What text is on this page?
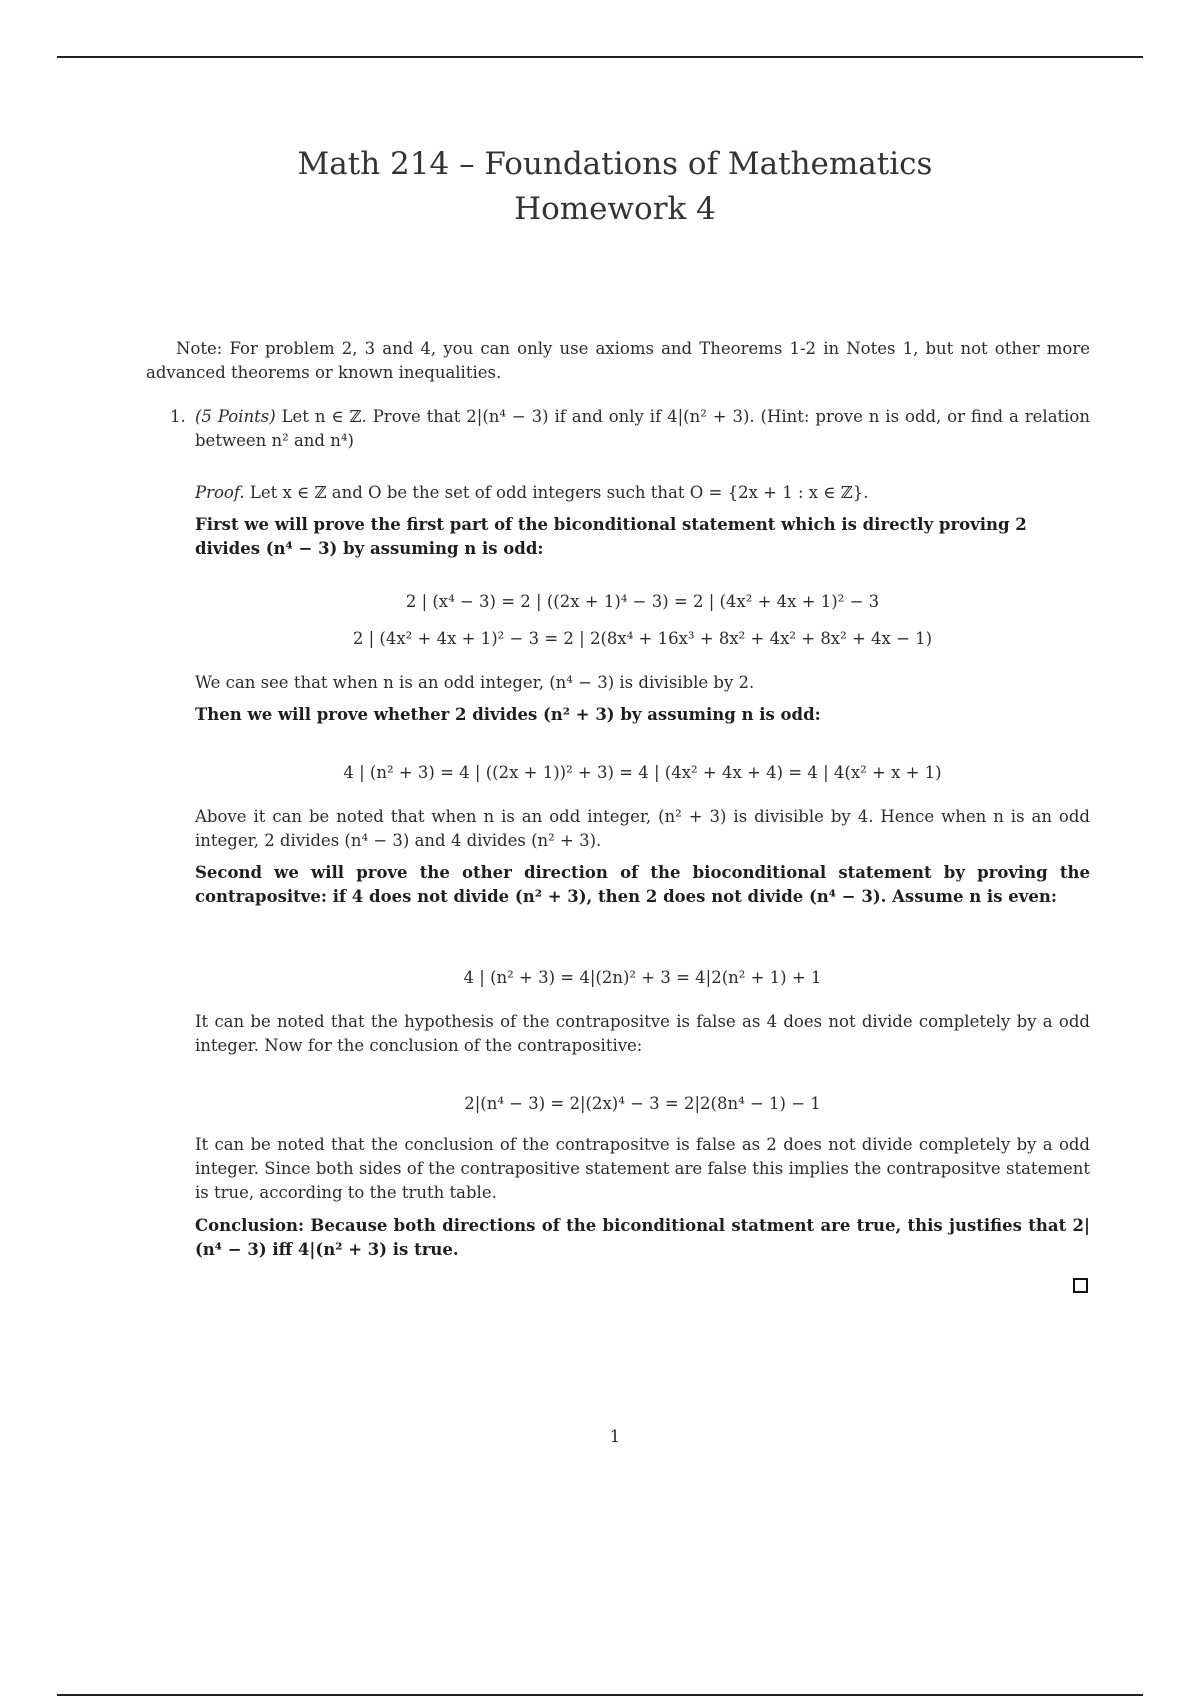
Math 214 – Foundations of Mathematics
Homework 4
Note: For problem 2, 3 and 4, you can only use axioms and Theorems 1-2 in Notes 1, but not other more advanced theorems or known inequalities.
1. (5 Points) Let n ∈ ℤ. Prove that 2|(n⁴ − 3) if and only if 4|(n² + 3). (Hint: prove n is odd, or find a relation between n² and n⁴)
Proof. Let x ∈ ℤ and O be the set of odd integers such that O = {2x + 1 : x ∈ ℤ}.
First we will prove the first part of the biconditional statement which is directly proving 2 divides (n⁴ − 3) by assuming n is odd:
2 | (x⁴ − 3) = 2 | ((2x + 1)⁴ − 3) = 2 | (4x² + 4x + 1)² − 3
2 | (4x² + 4x + 1)² − 3 = 2 | 2(8x⁴ + 16x³ + 8x² + 4x² + 8x² + 4x − 1)
We can see that when n is an odd integer, (n⁴ − 3) is divisible by 2.
Then we will prove whether 2 divides (n² + 3) by assuming n is odd:
4 | (n² + 3) = 4 | ((2x + 1))² + 3) = 4 | (4x² + 4x + 4) = 4 | 4(x² + x + 1)
Above it can be noted that when n is an odd integer, (n² + 3) is divisible by 4. Hence when n is an odd integer, 2 divides (n⁴ − 3) and 4 divides (n² + 3).
Second we will prove the other direction of the bioconditional statement by proving the contrapositve: if 4 does not divide (n² + 3), then 2 does not divide (n⁴ − 3). Assume n is even:
4 | (n² + 3) = 4|(2n)² + 3 = 4|2(n² + 1) + 1
It can be noted that the hypothesis of the contrapositve is false as 4 does not divide completely by a odd integer. Now for the conclusion of the contrapositive:
2|(n⁴ − 3) = 2|(2x)⁴ − 3 = 2|2(8n⁴ − 1) − 1
It can be noted that the conclusion of the contrapositve is false as 2 does not divide completely by a odd integer. Since both sides of the contrapositive statement are false this implies the contrapositve statement is true, according to the truth table.
Conclusion: Because both directions of the biconditional statment are true, this justifies that 2|(n⁴ − 3) iff 4|(n² + 3) is true.
1
